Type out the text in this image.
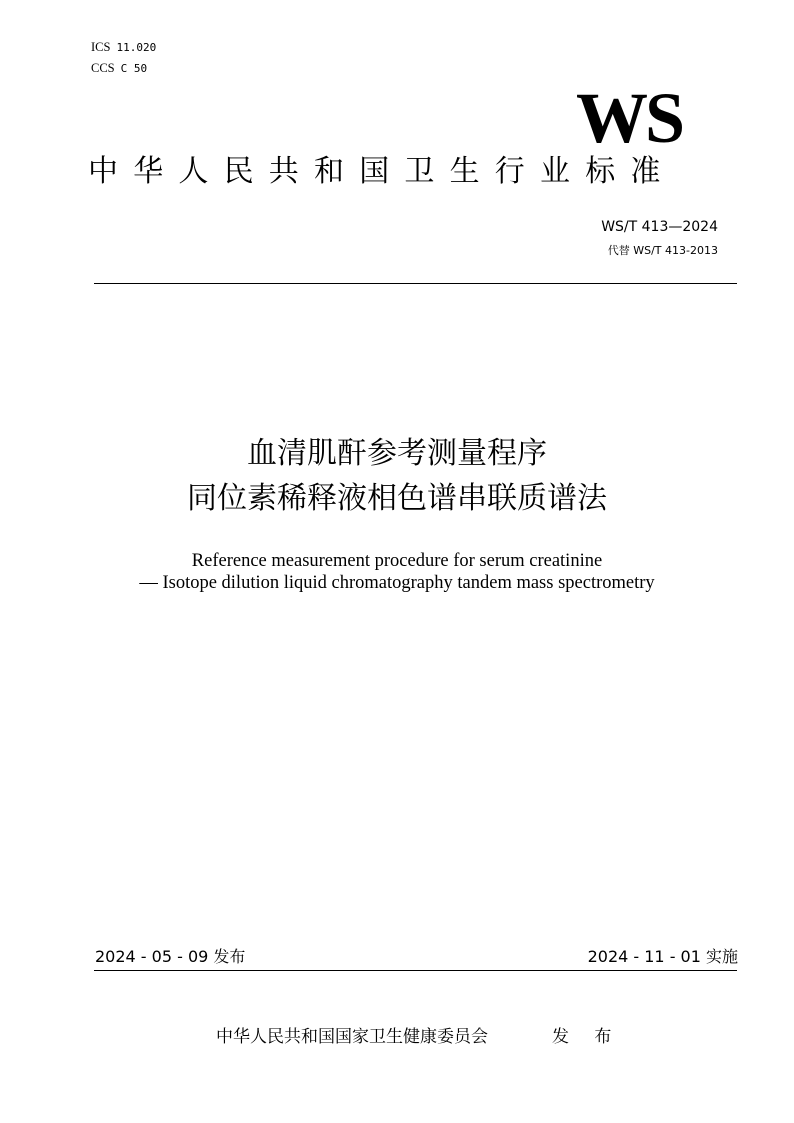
ICS 11.020
CCS C 50
WS
中华人民共和国卫生行业标准
WS/T 413—2024
代替 WS/T 413-2013
血清肌酐参考测量程序
同位素稀释液相色谱串联质谱法
Reference measurement procedure for serum creatinine
— Isotope dilution liquid chromatography tandem mass spectrometry
2024 - 05 - 09 发布	2024 - 11 - 01 实施
中华人民共和国国家卫生健康委员会	发 布
